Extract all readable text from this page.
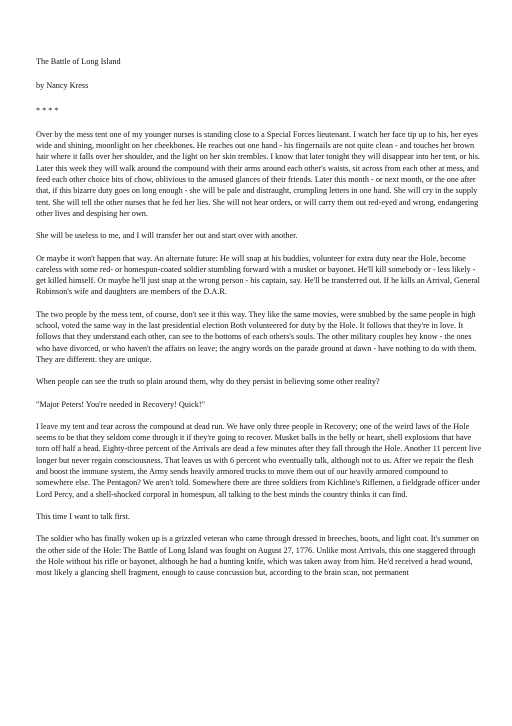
The Battle of Long Island

by Nancy Kress

* * * *

Over by the mess tent one of my younger nurses is standing close to a Special Forces lieutenant. I watch her face tip up to his, her eyes wide and shining, moonlight on her cheekbones. He reaches out one hand - his fingernails are not quite clean - and touches her brown hair where it falls over her shoulder, and the light on her skin trembles. I know that later tonight they will disappear into her tent, or his. Later this week they will walk around the compound with their arms around each other's waists, sit across from each other at mess, and feed each other choice bits of chow, oblivious to the amused glances of their friends. Later this month - or next month, or the one after that, if this bizarre duty goes on long enough - she will be pale and distraught, crumpling letters in one hand. She will cry in the supply tent. She will tell the other nurses that he fed her lies. She will not hear orders, or will carry them out red-eyed and wrong, endangering other lives and despising her own.

She will be useless to me, and I will transfer her out and start over with another.

Or maybe it won't happen that way. An alternate future: He will snap at his buddies, volunteer for extra duty near the Hole, become careless with some red- or homespun-coated soldier stumbling forward with a musket or bayonet. He'll kill somebody or - less likely - get killed himself. Or maybe he'll just snap at the wrong person - his captain, say. He'll be transferred out. If he kills an Arrival, General Robinson's wife and daughters are members of the D.A.R.

The two people by the mess tent, of course, don't see it this way. They like the same movies, were snubbed by the same people in high school, voted the same way in the last presidential election Both volunteered for duty by the Hole. It follows that they're in love. It follows that they understand each other, can see to the bottoms of each others's souls. The other military couples hey know - the ones who have divorced, or who haven't the affairs on leave; the angry words on the parade ground at dawn - have nothing to do with them. They are different. they are unique.

When people can see the truth so plain around them, why do they persist in believing some other reality?

"Major Peters! You're needed in Recovery! Quick!"

I leave my tent and tear across the compound at dead run. We have only three people in Recovery; one of the weird laws of the Hole seems to be that they seldom come through it if they're going to recover. Musket balls in the belly or heart, shell explosions that have torn off half a head. Eighty-three percent of the Arrivals are dead a few minutes after they fall through the Hole. Another 11 percent live longer but never regain consciousness. That leaves us with 6 percent who eventually talk, although not to us. After we repair the flesh and boost the immune system, the Army sends heavily armored trucks to move them out of our heavily armored compound to somewhere else. The Pentagon? We aren't told. Somewhere there are three soldiers from Kichline's Riflemen, a fieldgrade officer under Lord Percy, and a shell-shocked corporal in homespun, all talking to the best minds the country thinks it can find.

This time I want to talk first.

The soldier who has finally woken up is a grizzled veteran who came through dressed in breeches, boots, and light coat. It's summer on the other side of the Hole: The Battle of Long Island was fought on August 27, 1776. Unlike most Arrivals, this one staggered through the Hole without his rifle or bayonet, although he had a hunting knife, which was taken away from him. He'd received a head wound, most likely a glancing shell fragment, enough to cause concussion but, according to the brain scan, not permanent
